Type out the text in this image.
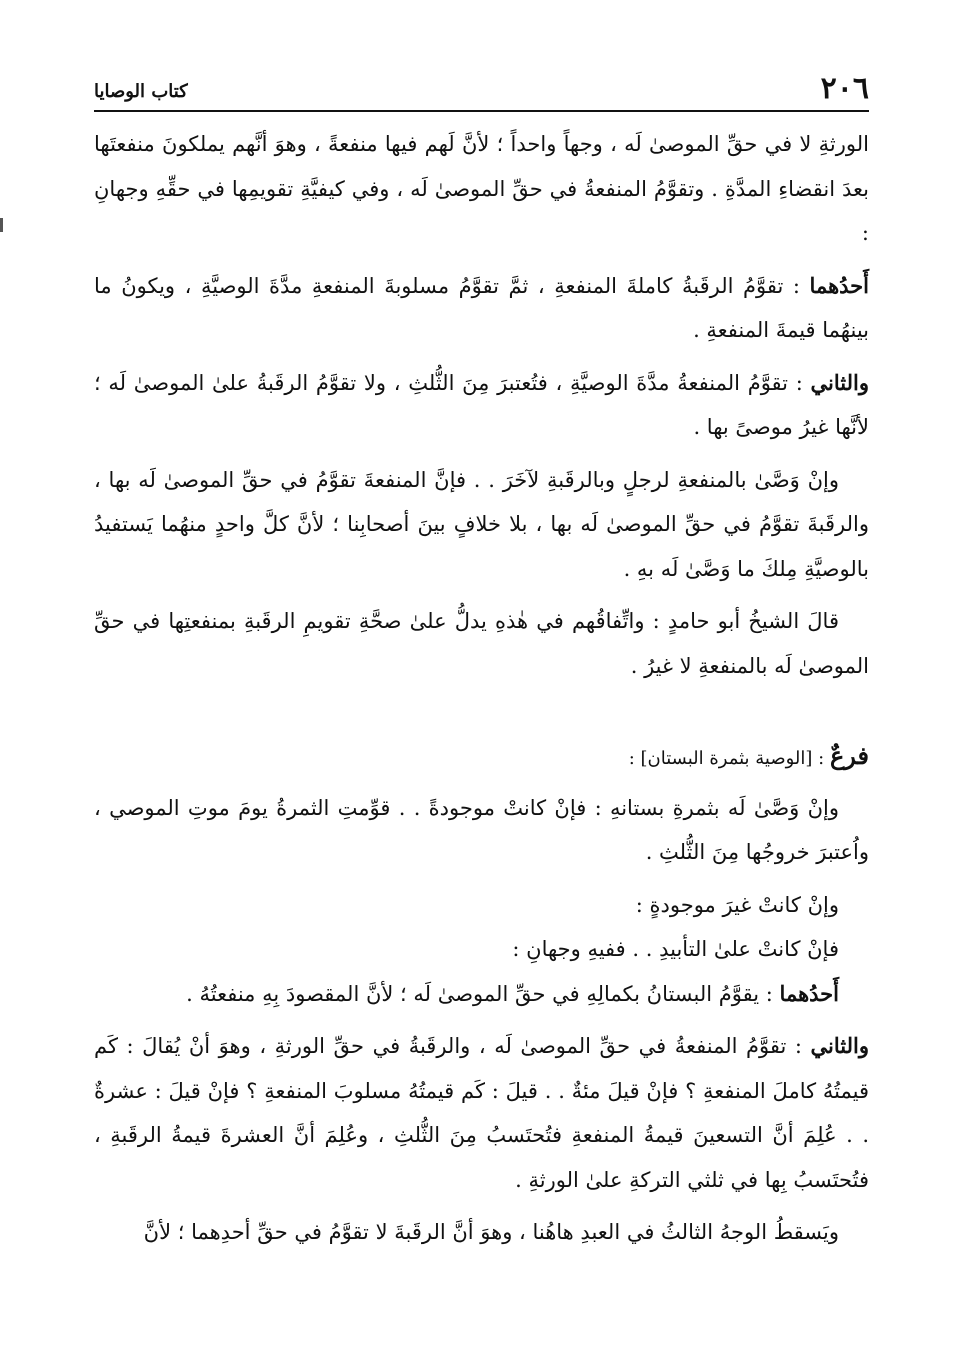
٢٠٦
كتاب الوصايا

الورثةِ لا في حقِّ الموصىٰ لَه ، وجهاً واحداً ؛ لأنَّ لَهم فيها منفعةً ، وهوَ أنَّهم يملكونَ منفعتَها بعدَ انقضاءِ المدَّةِ . وتقوَّمُ المنفعةُ في حقِّ الموصىٰ لَه ، وفي كيفيَّةِ تقويمِها في حقِّهِ وجهانِ :

أَحدُهما : تقوَّمُ الرقَبةُ كاملةَ المنفعةِ ، ثمَّ تقوَّمُ مسلوبةَ المنفعةِ مدَّةَ الوصيَّةِ ، ويكونُ ما بينهُما قيمةَ المنفعةِ .

والثاني : تقوَّمُ المنفعةُ مدَّةَ الوصيَّةِ ، فتُعتبرَ مِنَ الثُّلثِ ، ولا تقوَّمُ الرقَبةُ علىٰ الموصىٰ لَه ؛ لأنَّها غيرُ موصىً بها .

وإنْ وَصَّىٰ بالمنفعةِ لرجلٍ وبالرقَبةِ لآخَرَ . . فإنَّ المنفعةَ تقوَّمُ في حقِّ الموصىٰ لَه بها ، والرقَبةَ تقوَّمُ في حقِّ الموصىٰ لَه بها ، بلا خلافٍ بينَ أصحابِنا ؛ لأنَّ كلَّ واحدٍ منهُما يَستفيدُ بالوصيَّةِ مِلكَ ما وَصَّىٰ لَه بهِ .

قالَ الشيخُ أبو حامدٍ : واتِّفاقُهم في هٰذهِ يدلُّ علىٰ صحَّةِ تقويمِ الرقَبةِ بمنفعتِها في حقِّ الموصىٰ لَه بالمنفعةِ لا غيرُ .

فرعٌ : [الوصية بثمرة البستان] :

وإنْ وَصَّىٰ لَه بثمرةِ بستانهِ : فإنْ كانتْ موجودةً . . قوِّمتِ الثمرةُ يومَ موتِ الموصي ، واُعتبرَ خروجُها مِنَ الثُّلثِ .

وإنْ كانتْ غيرَ موجودةٍ :

فإنْ كانتْ علىٰ التأبيدِ . . ففيهِ وجهانِ :

أَحدُهما : يقوَّمُ البستانُ بكمالِهِ في حقِّ الموصىٰ لَه ؛ لأنَّ المقصودَ بِهِ منفعتُهُ .

والثاني : تقوَّمُ المنفعةُ في حقِّ الموصىٰ لَه ، والرقَبةُ في حقِّ الورثةِ ، وهوَ أنْ يُقالَ : كَم قيمتُهُ كاملَ المنفعةِ ؟ فإنْ قيلَ مئةٌ . . قيلَ : كَم قيمتُهُ مسلوبَ المنفعةِ ؟ فإنْ قيلَ : عشرةٌ . . عُلِمَ أنَّ التسعينَ قيمةُ المنفعةِ فتُحتَسبُ مِنَ الثُّلثِ ، وعُلِمَ أنَّ العشرةَ قيمةُ الرقَبةِ ، فتُحتَسبُ بِها في ثلثي التركةِ علىٰ الورثةِ .

ويَسقطُ الوجهُ الثالثُ في العبدِ هاهُنا ، وهوَ أنَّ الرقَبةَ لا تقوَّمُ في حقِّ أحدِهما ؛ لأنَّ
